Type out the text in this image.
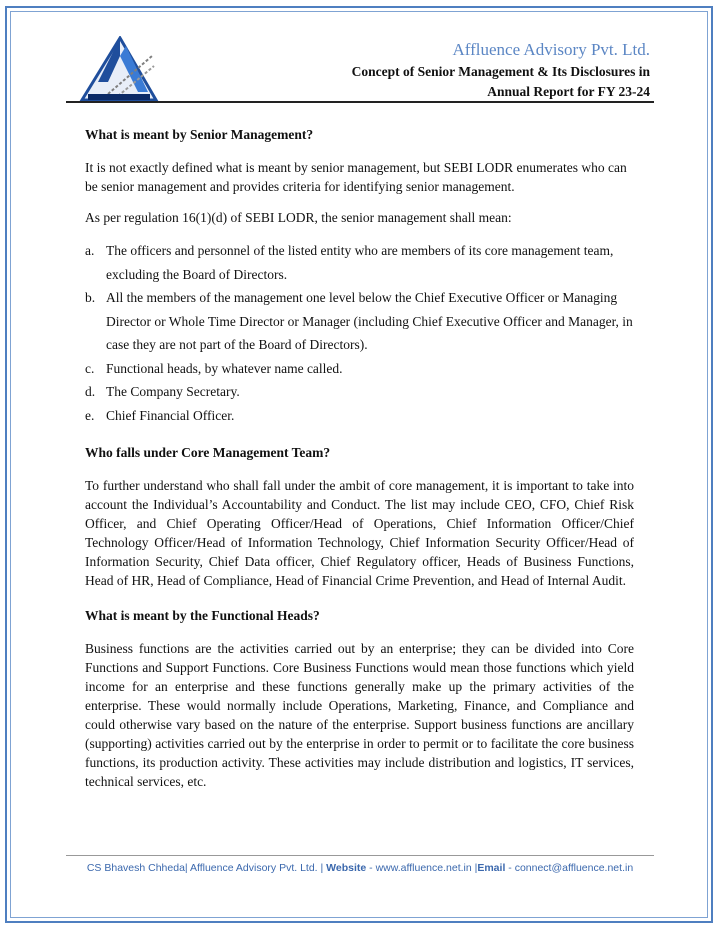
Affluence Advisory Pvt. Ltd.
Concept of Senior Management & Its Disclosures in
Annual Report for FY 23-24

What is meant by Senior Management?

It is not exactly defined what is meant by senior management, but SEBI LODR enumerates who can be senior management and provides criteria for identifying senior management.

As per regulation 16(1)(d) of SEBI LODR, the senior management shall mean:

a. The officers and personnel of the listed entity who are members of its core management team, excluding the Board of Directors.
b. All the members of the management one level below the Chief Executive Officer or Managing Director or Whole Time Director or Manager (including Chief Executive Officer and Manager, in case they are not part of the Board of Directors).
c. Functional heads, by whatever name called.
d. The Company Secretary.
e. Chief Financial Officer.

Who falls under Core Management Team?

To further understand who shall fall under the ambit of core management, it is important to take into account the Individual’s Accountability and Conduct. The list may include CEO, CFO, Chief Risk Officer, and Chief Operating Officer/Head of Operations, Chief Information Officer/Chief Technology Officer/Head of Information Technology, Chief Information Security Officer/Head of Information Security, Chief Data officer, Chief Regulatory officer, Heads of Business Functions, Head of HR, Head of Compliance, Head of Financial Crime Prevention, and Head of Internal Audit.

What is meant by the Functional Heads?

Business functions are the activities carried out by an enterprise; they can be divided into Core Functions and Support Functions. Core Business Functions would mean those functions which yield income for an enterprise and these functions generally make up the primary activities of the enterprise. These would normally include Operations, Marketing, Finance, and Compliance and could otherwise vary based on the nature of the enterprise. Support business functions are ancillary (supporting) activities carried out by the enterprise in order to permit or to facilitate the core business functions, its production activity. These activities may include distribution and logistics, IT services, technical services, etc.

CS Bhavesh Chheda| Affluence Advisory Pvt. Ltd. | Website - www.affluence.net.in |Email - connect@affluence.net.in
